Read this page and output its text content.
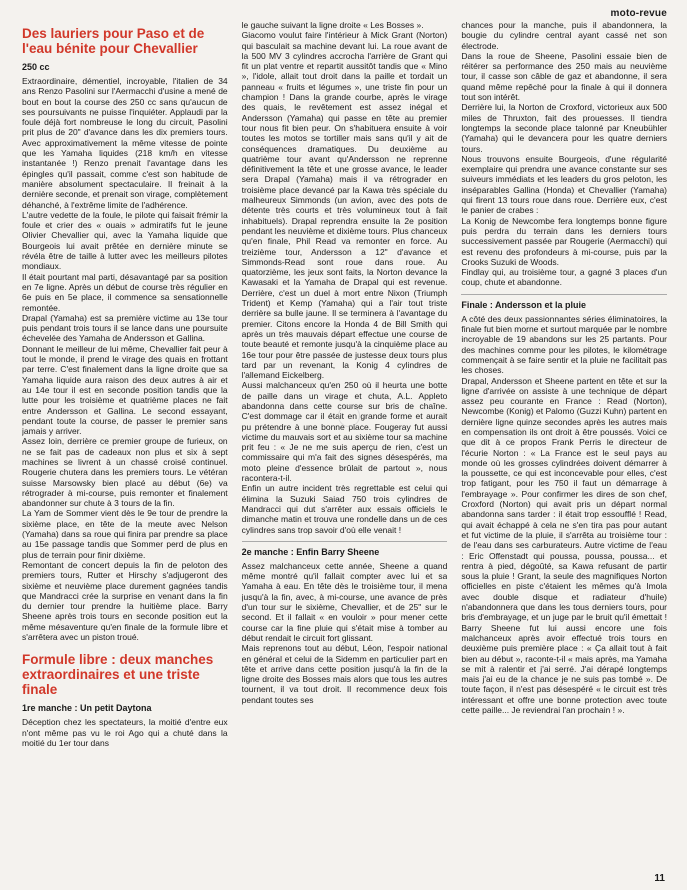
moto-revue
Des lauriers pour Paso et de l'eau bénite pour Chevallier
250 cc

Extraordinaire, démentiel, incroyable, l'italien de 34 ans Renzo Pasolini sur l'Aermacchi d'usine a mené de bout en bout la course des 250 cc sans qu'aucun de ses poursuivants ne puisse l'inquiéter. Applaudi par la foule déjà fort nombreuse le long du circuit, Pasolini prit plus de 20" d'avance dans les dix premiers tours. Avec approximativement la même vitesse de pointe que les Yamaha liquides (218 km/h en vitesse instantanée !) Renzo prenait l'avantage dans les épingles qu'il passait, comme c'est son habitude de manière absolument spectaculaire. Il freinait à la dernière seconde, et prenait son virage, complètement déhanché, à l'extrême limite de l'adhérence.

L'autre vedette de la foule, le pilote qui faisait frémir la foule et crier des « ouais » admiratifs fut le jeune Olivier Chevallier qui, avec la Yamaha liquide que Bourgeois lui avait prêtée en dernière minute se révéla être de taille à lutter avec les meilleurs pilotes mondiaux.

Il était pourtant mal parti, désavantagé par sa position en 7e ligne. Après un début de course très régulier en 6e puis en 5e place, il commence sa sensationnelle remontée.

Drapal (Yamaha) est sa première victime au 13e tour puis pendant trois tours il se lance dans une poursuite échevelée des Yamaha de Andersson et Gallina.

Donnant le meilleur de lui même, Chevallier fait peur à tout le monde, il prend le virage des quais en frottant par terre. C'est finalement dans la ligne droite que sa Yamaha liquide aura raison des deux autres à air et au 14e tour il est en seconde position tandis que la lutte pour les troisième et quatrième places ne fait entre Andersson et Gallina. Le second essayant, pendant toute la course, de passer le premier sans jamais y arriver.

Assez loin, derrière ce premier groupe de furieux, on ne se fait pas de cadeaux non plus et six à sept machines se livrent à un chassé croisé continuel. Rougerie chutera dans les premiers tours. Le vétéran suisse Marsowsky bien placé au début (6e) va rétrograder à mi-course, puis remonter et finalement abandonner sur chute à 3 tours de la fin.

La Yam de Sommer vient dès le 9e tour de prendre la sixième place, en tête de la meute avec Nelson (Yamaha) dans sa roue qui finira par prendre sa place au 15e passage tandis que Sommer perd de plus en plus de terrain pour finir dixième.

Remontant de concert depuis la fin de peloton des premiers tours, Rutter et Hirschy s'adjugeront des sixième et neuvième place durement gagnées tandis que Mandracci crée la surprise en venant dans la fin du dernier tour prendre la huitième place. Barry Sheene après trois tours en seconde position eut la même mésaventure qu'en finale de la formule libre et s'arrêtera avec un piston troué.

Formule libre : deux manches extraordinaires et une triste finale
1re manche : Un petit Daytona

Déception chez les spectateurs, la moitié d'entre eux n'ont même pas vu le roi Ago qui a chuté dans la moitié du 1er tour dans

le gauche suivant la ligne droite « Les Bosses ».

Giacomo voulut faire l'intérieur à Mick Grant (Norton) qui basculait sa machine devant lui. La roue avant de la 500 MV 3 cylindres accrocha l'arrière de Grant qui fit un plat ventre et repartit aussitôt tandis que « Mino », l'idole, allait tout droit dans la paille et tordait un panneau « fruits et légumes », une triste fin pour un champion ! Dans la grande courbe, après le virage des quais, le revêtement est assez inégal et Andersson (Yamaha) qui passe en tête au premier tour nous fit bien peur. On s'habituera ensuite à voir toutes les motos se tortiller mais sans qu'il y ait de conséquences dramatiques. Du deuxième au quatrième tour avant qu'Andersson ne reprenne définitivement la tête et une grosse avance, le leader sera Drapal (Yamaha) mais il va rétrograder en troisième place devancé par la Kawa très spéciale du malheureux Simmonds (un avion, avec des pots de détente très courts et très volumineux tout à fait inhabituels). Drapal reprendra ensuite la 2e position pendant les neuvième et dixième tours. Plus chanceux qu'en finale, Phil Read va remonter en force. Au treizième tour, Andersson a 12" d'avance et Simmonds-Read sont roue dans roue. Au quatorzième, les jeux sont faits, la Norton devance la Kawasaki et la Yamaha de Drapal qui est revenue. Derrière, c'est un duel à mort entre Nixon (Triumph Trident) et Kemp (Yamaha) qui a l'air tout triste derrière sa bulle jaune. Il se terminera à l'avantage du premier. Citons encore la Honda 4 de Bill Smith qui après un très mauvais départ effectue une course de toute beauté et remonte jusqu'à la cinquième place au 16e tour pour être passée de justesse deux tours plus tard par un revenant, la Konig 4 cylindres de l'allemand Eickelberg.

Aussi malchanceux qu'en 250 où il heurta une botte de paille dans un virage et chuta, A.L. Appleto abandonna dans cette course sur bris de chaîne. C'est dommage car il était en grande forme et aurait pu prétendre à une bonne place. Fougeray fut aussi victime du mauvais sort et au sixième tour sa machine prit feu : « Je ne me suis aperçu de rien, c'est un commissaire qui m'a fait des signes désespérés, ma moto pleine d'essence brûlait de partout », nous racontera-t-il.

Enfin un autre incident très regrettable est celui qui élimina la Suzuki Saiad 750 trois cylindres de Mandracci qui dut s'arrêter aux essais officiels le dimanche matin et trouva une rondelle dans un de ces cylindres sans trop savoir d'où elle venait !

2e manche : Enfin Barry Sheene

Assez malchanceux cette année, Sheene a quand même montré qu'il fallait compter avec lui et sa Yamaha à eau. En tête dès le troisième tour, il mena jusqu'à la fin, avec, à mi-course, une avance de près d'un tour sur le sixième, Chevallier, et de 25" sur le second. Et il fallait « en vouloir » pour mener cette course car la fine pluie qui s'était mise à tomber au début rendait le circuit fort glissant.

Mais reprenons tout au début, Léon, l'espoir national en général et celui de la Sidemm en particulier part en tête et arrive dans cette position jusqu'à la fin de la ligne droite des Bosses mais alors que tous les autres tournent, il va tout droit. Il recommence deux fois pendant toutes ses

chances pour la manche, puis il abandonnera, la bougie du cylindre central ayant cassé net son électrode.

Dans la roue de Sheene, Pasolini essaie bien de réitérer sa performance des 250 mais au neuvième tour, il casse son câble de gaz et abandonne, il sera quand même repêché pour la finale à qui il donnera tout son intérêt.

Derrière lui, la Norton de Croxford, victorieux aux 500 miles de Thruxton, fait des prouesses. Il tiendra longtemps la seconde place talonné par Kneubühler (Yamaha) qui le devancera pour les quatre derniers tours.

Nous trouvons ensuite Bourgeois, d'une régularité exemplaire qui prendra une avance constante sur ses suiveurs immédiats et les leaders du gros peloton, les inséparables Gallina (Honda) et Chevallier (Yamaha) qui firent 13 tours roue dans roue. Derrière eux, c'est le panier de crabes :

La Konig de Newcombe fera longtemps bonne figure puis perdra du terrain dans les derniers tours successivement passée par Rougerie (Aermacchi) qui est revenu des profondeurs à mi-course, puis par la Crooks Suzuki de Woods.

Findlay qui, au troisième tour, a gagné 3 places d'un coup, chute et abandonne.

Finale : Andersson et la pluie

A côté des deux passionnantes séries éliminatoires, la finale fut bien morne et surtout marquée par le nombre incroyable de 19 abandons sur les 25 partants. Pour des machines comme pour les pilotes, le kilométrage commençait à se faire sentir et la pluie ne facilitait pas les choses.

Drapal, Andersson et Sheene partent en tête et sur la ligne d'arrivée on assiste à une technique de départ assez peu courante en France : Read (Norton), Newcombe (Konig) et Palomo (Guzzi Kuhn) partent en dernière ligne quinze secondes après les autres mais en compensation ils ont droit à être poussés. Voici ce que dit à ce propos Frank Perris le directeur de l'écurie Norton : « La France est le seul pays au monde où les grosses cylindrées doivent démarrer à la poussette, ce qui est inconcevable pour elles, c'est trop fatigant, pour les 750 il faut un démarrage à l'embrayage ». Pour confirmer les dires de son chef, Croxford (Norton) qui avait pris un départ normal abandonna sans tarder : il était trop essoufflé ! Read, qui avait échappé à cela ne s'en tira pas pour autant et fut victime de la pluie, il s'arrêta au troisième tour : de l'eau dans ses carburateurs. Autre victime de l'eau : Eric Offenstadt qui poussa, poussa, poussa... et rentra à pied, dégoûté, sa Kawa refusant de partir sous la pluie ! Grant, la seule des magnifiques Norton officielles en piste c'étaient les mêmes qu'à Imola avec double disque et radiateur d'huile) n'abandonnera que dans les tous derniers tours, pour bris d'embrayage, et un juge par le bruit qu'il émettait ! Barry Sheene fut lui aussi encore une fois malchanceux après avoir effectué trois tours en deuxième puis première place : « Ça allait tout à fait bien au début », raconte-t-il « mais après, ma Yamaha se mit à ralentir et j'ai serré. J'ai dérapé longtemps mais j'ai eu de la chance je ne suis pas tombé ». De toute façon, il n'est pas désespéré « le circuit est très intéressant et offre une bonne protection avec toute cette paille... Je reviendrai l'an prochain ! ».

11
